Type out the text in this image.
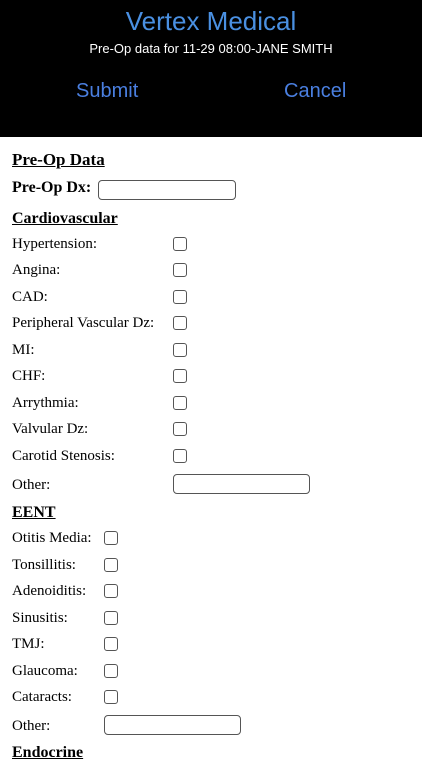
Vertex Medical
Pre-Op data for 11-29 08:00-JANE SMITH
Submit	Cancel
Pre-Op Data
Pre-Op Dx:
Cardiovascular
Hypertension:
Angina:
CAD:
Peripheral Vascular Dz:
MI:
CHF:
Arrythmia:
Valvular Dz:
Carotid Stenosis:
Other:
EENT
Otitis Media:
Tonsillitis:
Adenoiditis:
Sinusitis:
TMJ:
Glaucoma:
Cataracts:
Other:
Endocrine
